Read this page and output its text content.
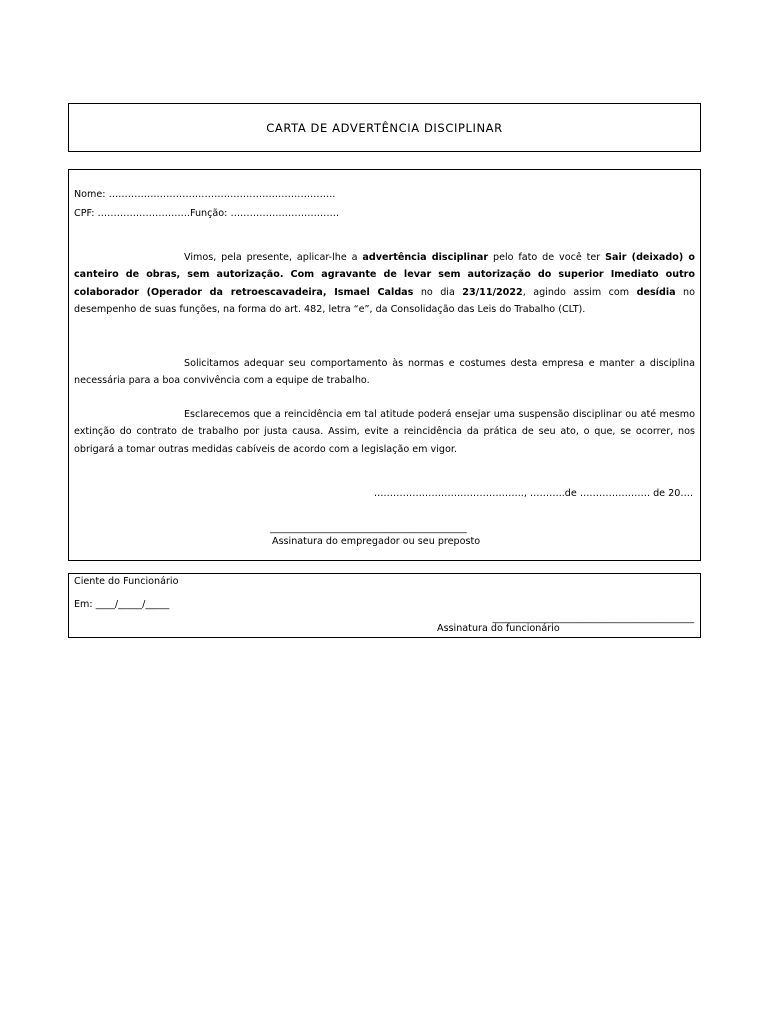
CARTA DE ADVERTÊNCIA DISCIPLINAR
Nome: ……………………………………………………………..
CPF: ………………………..Função: …………………………….
Vimos, pela presente, aplicar-lhe a advertência disciplinar pelo fato de você ter Sair (deixado) o canteiro de obras, sem autorização. Com agravante de levar sem autorização do superior Imediato outro colaborador (Operador da retroescavadeira, Ismael Caldas no dia 23/11/2022, agindo assim com desídia no desempenho de suas funções, na forma do art. 482, letra “e”, da Consolidação das Leis do Trabalho (CLT).
Solicitamos adequar seu comportamento às normas e costumes desta empresa e manter a disciplina necessária para a boa convivência com a equipe de trabalho.
Esclarecemos que a reincidência em tal atitude poderá ensejar uma suspensão disciplinar ou até mesmo extinção do contrato de trabalho por justa causa. Assim, evite a reincidência da prática de seu ato, o que, se ocorrer, nos obrigará a tomar outras medidas cabíveis de acordo com a legislação em vigor.
……………………………………….., ………..de …………………. de 20….
_________________________________________
Assinatura do empregador ou seu preposto
Ciente do Funcionário
Em: ____/_____/_____
__________________________________________
Assinatura do funcionário
